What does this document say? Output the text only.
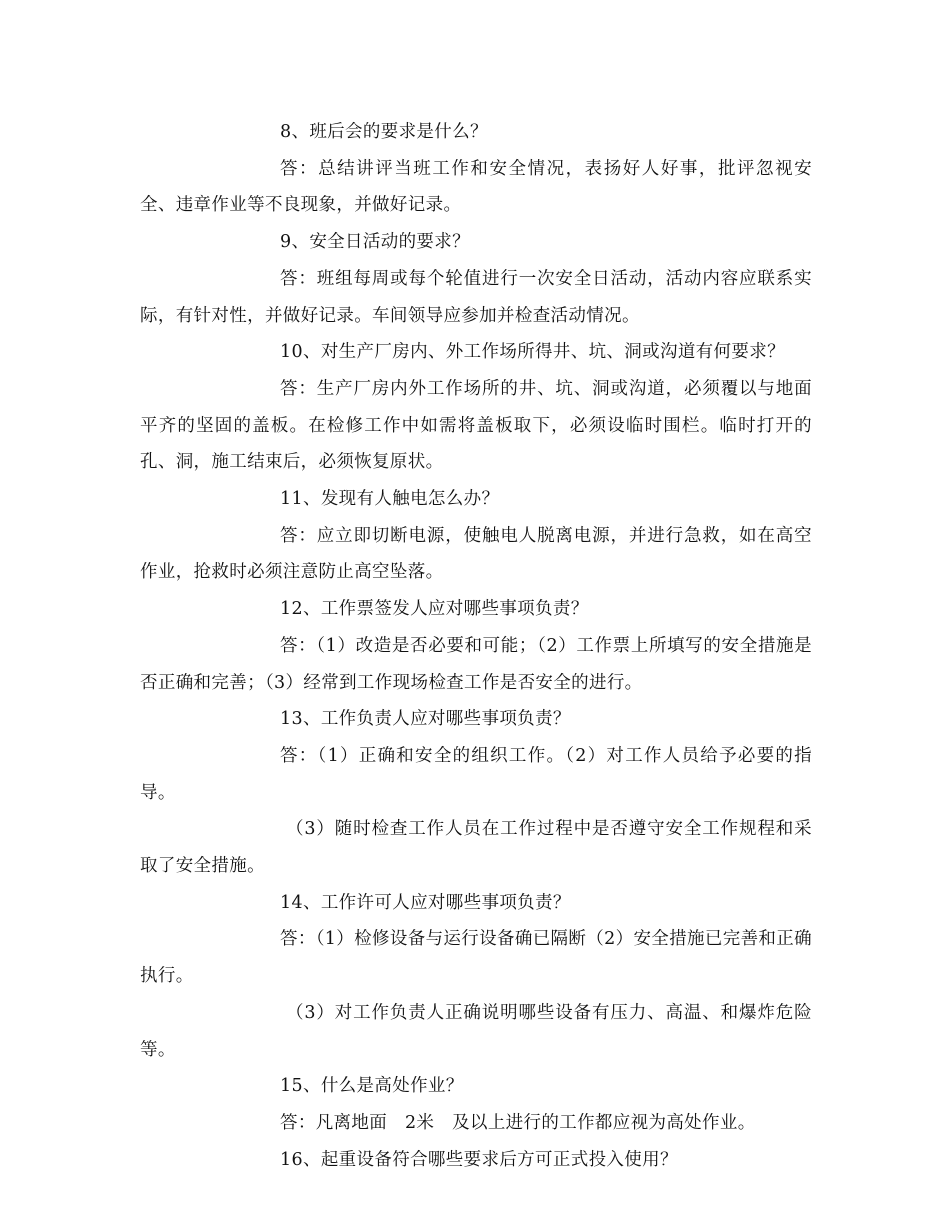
8、班后会的要求是什么？

答：总结讲评当班工作和安全情况，表扬好人好事，批评忽视安全、违章作业等不良现象，并做好记录。

9、安全日活动的要求？

答：班组每周或每个轮值进行一次安全日活动，活动内容应联系实际，有针对性，并做好记录。车间领导应参加并检查活动情况。

10、对生产厂房内、外工作场所得井、坑、洞或沟道有何要求？

答：生产厂房内外工作场所的井、坑、洞或沟道，必须覆以与地面平齐的坚固的盖板。在检修工作中如需将盖板取下，必须设临时围栏。临时打开的孔、洞，施工结束后，必须恢复原状。

11、发现有人触电怎么办？

答：应立即切断电源，使触电人脱离电源，并进行急救，如在高空作业，抢救时必须注意防止高空坠落。

12、工作票签发人应对哪些事项负责？

答：（1）改造是否必要和可能；（2）工作票上所填写的安全措施是否正确和完善；（3）经常到工作现场检查工作是否安全的进行。

13、工作负责人应对哪些事项负责？

答：（1）正确和安全的组织工作。（2）对工作人员给予必要的指导。

（3）随时检查工作人员在工作过程中是否遵守安全工作规程和采取了安全措施。

14、工作许可人应对哪些事项负责？

答：（1）检修设备与运行设备确已隔断（2）安全措施已完善和正确执行。

（3）对工作负责人正确说明哪些设备有压力、高温、和爆炸危险等。

15、什么是高处作业？

答：凡离地面　2米　及以上进行的工作都应视为高处作业。

16、起重设备符合哪些要求后方可正式投入使用？
